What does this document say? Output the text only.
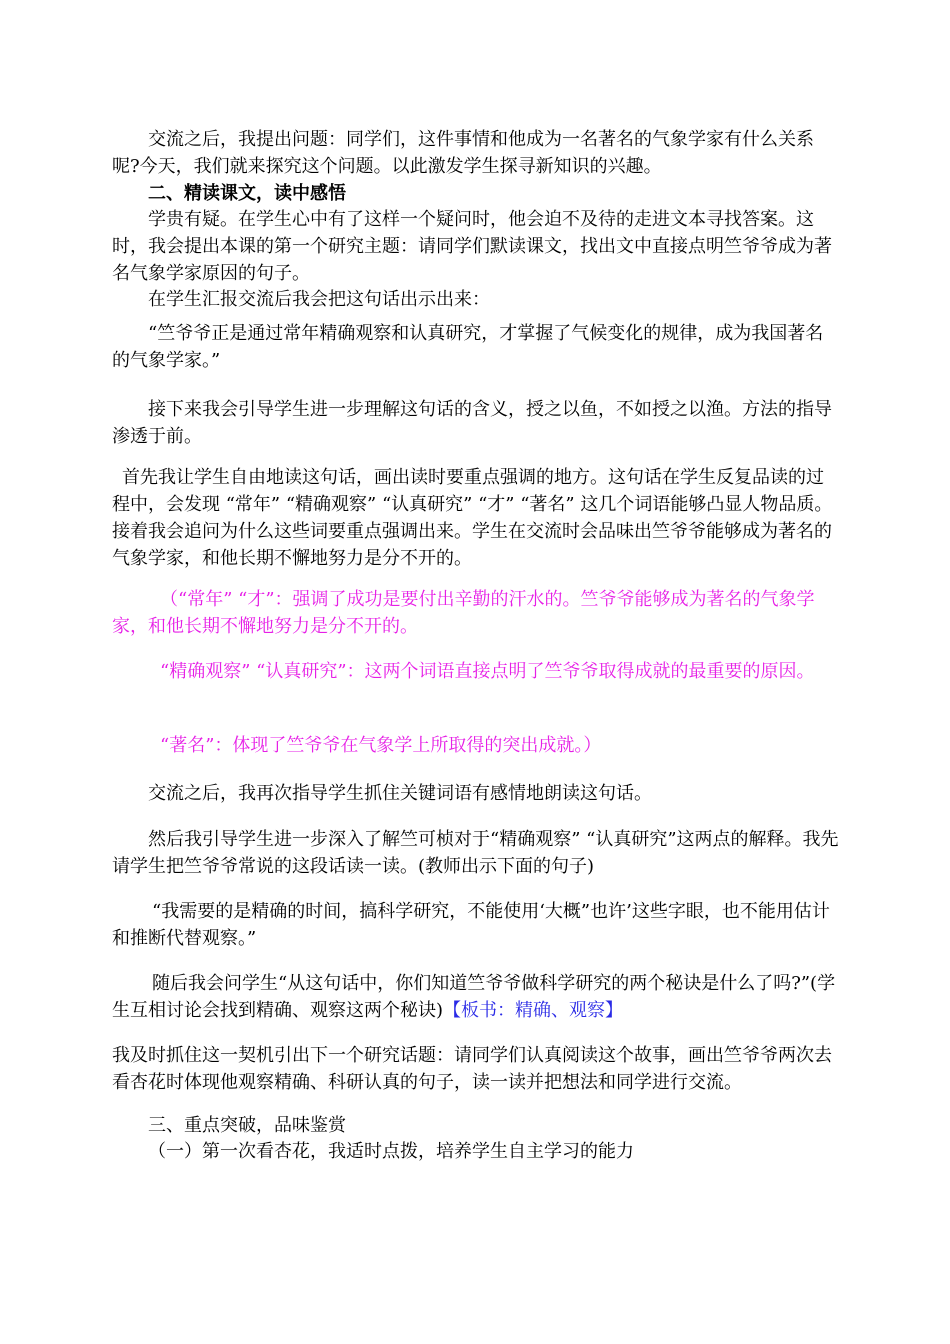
交流之后，我提出问题：同学们，这件事情和他成为一名著名的气象学家有什么关系呢?今天，我们就来探究这个问题。以此激发学生探寻新知识的兴趣。

二、精读课文，读中感悟

学贵有疑。在学生心中有了这样一个疑问时，他会迫不及待的走进文本寻找答案。这时，我会提出本课的第一个研究主题：请同学们默读课文，找出文中直接点明竺爷爷成为著名气象学家原因的句子。

在学生汇报交流后我会把这句话出示出来：

“竺爷爷正是通过常年精确观察和认真研究，才掌握了气候变化的规律，成为我国著名的气象学家。”

接下来我会引导学生进一步理解这句话的含义，授之以鱼，不如授之以渔。方法的指导渗透于前。

首先我让学生自由地读这句话，画出读时要重点强调的地方。这句话在学生反复品读的过程中，会发现 “常年” “精确观察” “认真研究” “才” “著名” 这几个词语能够凸显人物品质。接着我会追问为什么这些词要重点强调出来。学生在交流时会品味出竺爷爷能够成为著名的气象学家，和他长期不懈地努力是分不开的。

（“常年” “才”：强调了成功是要付出辛勤的汗水的。竺爷爷能够成为著名的气象学家，和他长期不懈地努力是分不开的。

“精确观察” “认真研究”：这两个词语直接点明了竺爷爷取得成就的最重要的原因。

“著名”：体现了竺爷爷在气象学上所取得的突出成就。）

交流之后，我再次指导学生抓住关键词语有感情地朗读这句话。

然后我引导学生进一步深入了解竺可桢对于“精确观察” “认真研究”这两点的解释。我先请学生把竺爷爷常说的这段话读一读。(教师出示下面的句子)

“我需要的是精确的时间，搞科学研究，不能使用‘大概”也许’这些字眼，也不能用估计和推断代替观察。”

随后我会问学生“从这句话中，你们知道竺爷爷做科学研究的两个秘诀是什么了吗?”(学生互相讨论会找到精确、观察这两个秘诀)【板书：精确、观察】

我及时抓住这一契机引出下一个研究话题：请同学们认真阅读这个故事，画出竺爷爷两次去看杏花时体现他观察精确、科研认真的句子，读一读并把想法和同学进行交流。

三、重点突破，品味鉴赏

（一）第一次看杏花，我适时点拨，培养学生自主学习的能力
